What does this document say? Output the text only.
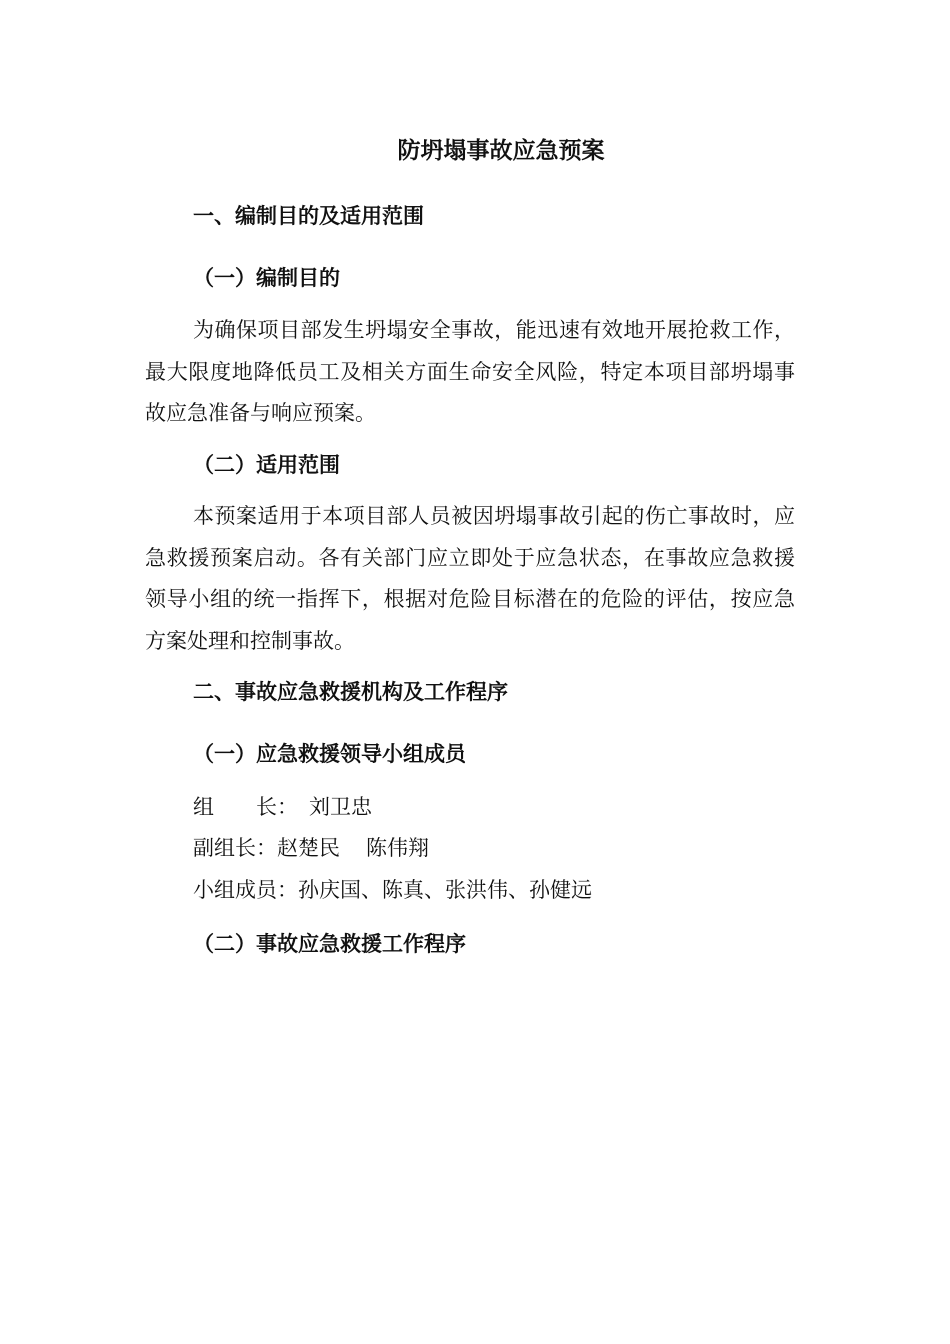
防坍塌事故应急预案
一、编制目的及适用范围
（一）编制目的

为确保项目部发生坍塌安全事故，能迅速有效地开展抢救工作，最大限度地降低员工及相关方面生命安全风险，特定本项目部坍塌事故应急准备与响应预案。

（二）适用范围

本预案适用于本项目部人员被因坍塌事故引起的伤亡事故时，应急救援预案启动。各有关部门应立即处于应急状态，在事故应急救援领导小组的统一指挥下，根据对危险目标潜在的危险的评估，按应急方案处理和控制事故。

二、事故应急救援机构及工作程序
（一）应急救援领导小组成员
组　　长： 刘卫忠
副组长：赵楚民 陈伟翔
小组成员：孙庆国、陈真、张洪伟、孙健远
（二）事故应急救援工作程序
